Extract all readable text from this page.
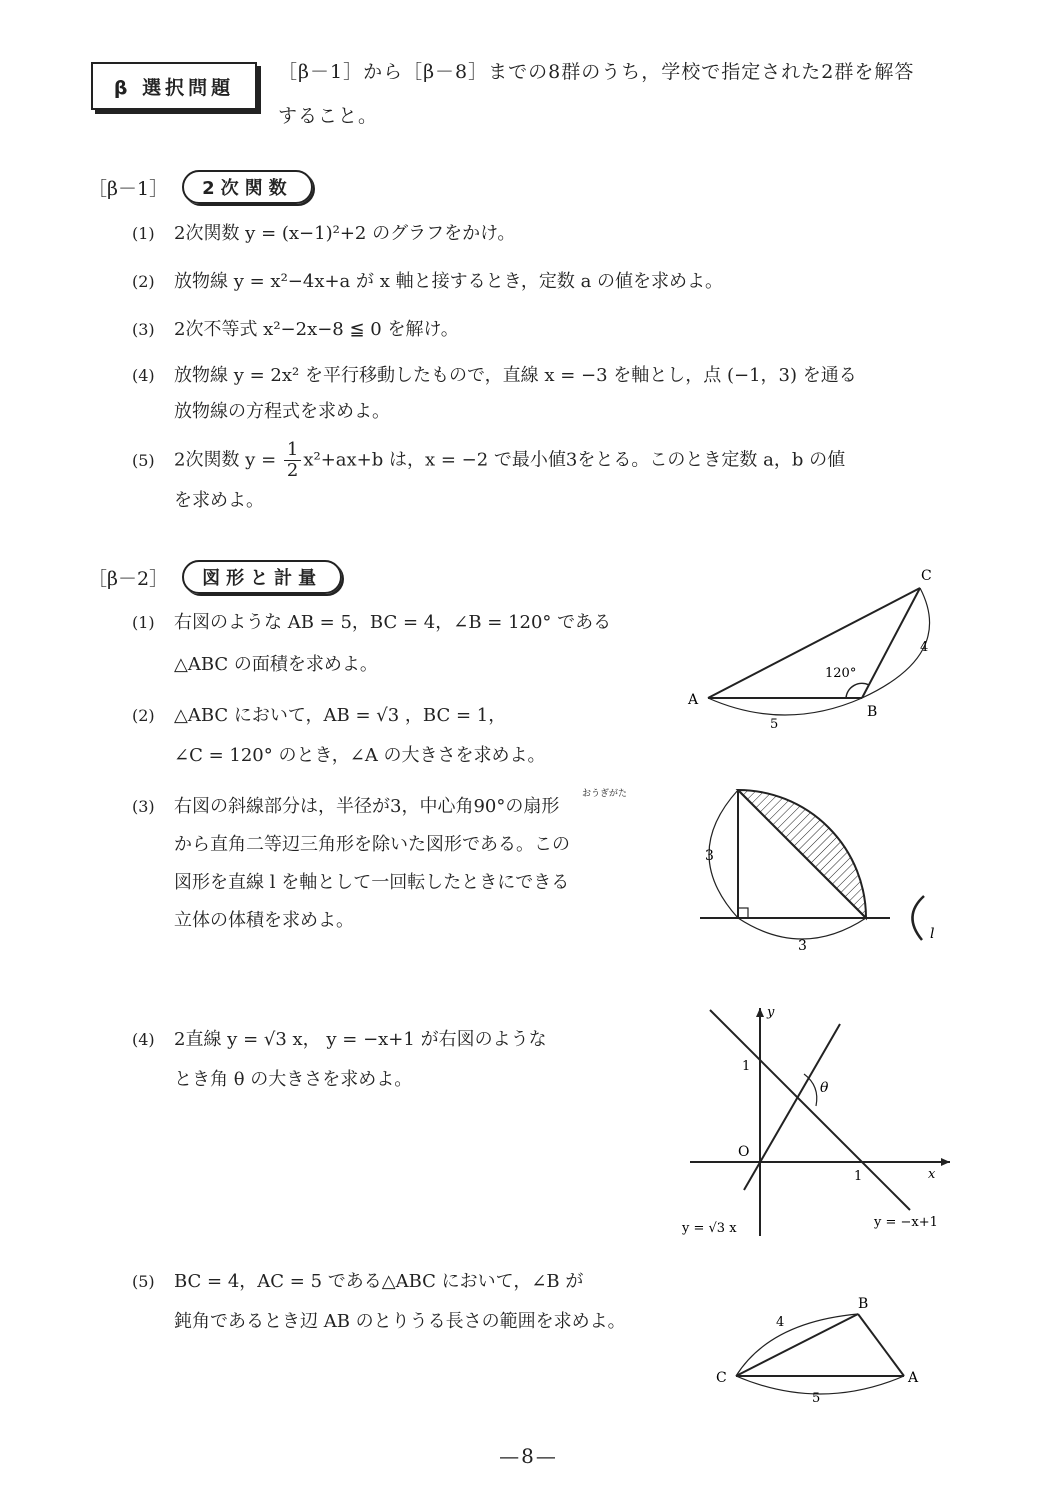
β 選択問題
［β－1］から［β－8］までの8群のうち，学校で指定された2群を解答
すること。
［β－1］	2次関数
(1) 2次関数 y = (x−1)²+2 のグラフをかけ。
(2) 放物線 y = x²−4x+a が x 軸と接するとき，定数 a の値を求めよ。
(3) 2次不等式 x²−2x−8 ≦ 0 を解け。
(4) 放物線 y = 2x² を平行移動したもので，直線 x = −3 を軸とし，点 (−1，3) を通る
放物線の方程式を求めよ。
(5) 2次関数 $y = \frac{1}{2} x^2+ax+b$ は，x = −2 で最小値3をとる。このとき定数 a，b の値
を求めよ。
［β－2］	図形と計量
(1) 右図のような AB = 5，BC = 4，∠B = 120° である
△ABC の面積を求めよ。
(2) △ABC において，AB = √3 ，BC = 1，
∠C = 120° のとき，∠A の大きさを求めよ。
(3) 右図の斜線部分は，半径が3，中心角90°の扇形
から直角二等辺三角形を除いた図形である。この
図形を直線 l を軸として一回転したときにできる
立体の体積を求めよ。
おうぎがた
(4) 2直線 y = √3 x， y = −x+1 が右図のような
とき角 θ の大きさを求めよ。
(5) BC = 4，AC = 5 である△ABC において，∠B が
鈍角であるとき辺 AB のとりうる長さの範囲を求めよ。
A
B
C
120°
5
4
3
3
l
y
x
O
1
1
θ
y = √3 x	y = −x+1
C
B
A
4
5
—8—
